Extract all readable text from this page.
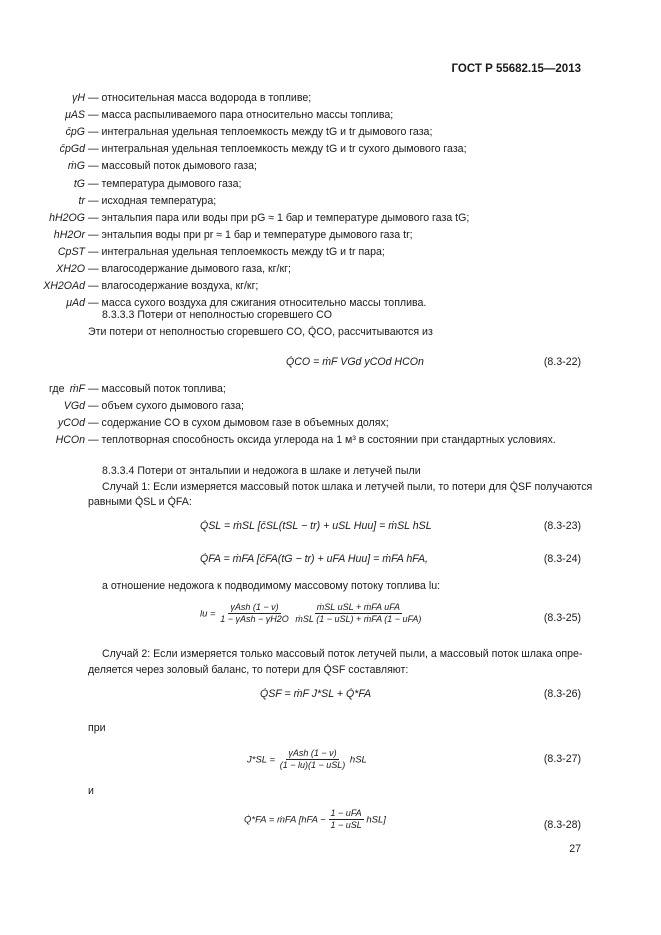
ГОСТ Р 55682.15—2013
γH — относительная масса водорода в топливе;
μAS — масса распыливаемого пара относительно массы топлива;
c̄pG — интегральная удельная теплоемкость между tG и tr дымового газа;
c̄pGd — интегральная удельная теплоемкость между tG и tr сухого дымового газа;
ṁG — массовый поток дымового газа;
tG — температура дымового газа;
tr — исходная температура;
hH2OG — энтальпия пара или воды при pG ≈ 1 бар и температуре дымового газа tG;
hH2Or — энтальпия воды при pr ≈ 1 бар и температуре дымового газа tr;
CpST — интегральная удельная теплоемкость между tG и tr пара;
XH2O — влагосодержание дымового газа, кг/кг;
XH2OAd — влагосодержание воздуха, кг/кг;
μAd — масса сухого воздуха для сжигания относительно массы топлива.
8.3.3.3 Потери от неполностью сгоревшего CO
Эти потери от неполностью сгоревшего CO, Q̇CO, рассчитываются из
Q̇CO = ṁF VGd yCOd HCOn	(8.3-22)
где ṁF — массовый поток топлива;
VGd — объем сухого дымового газа;
yCOd — содержание CO в сухом дымовом газе в объемных долях;
HCOn — теплотворная способность оксида углерода на 1 м³ в состоянии при стандартных условиях.
8.3.3.4 Потери от энтальпии и недожога в шлаке и летучей пыли
Случай 1: Если измеряется массовый поток шлака и летучей пыли, то потери для Q̇SF получаются
равными Q̇SL и Q̇FA:
Q̇SL = ṁSL [c̄SL(tSL − tr) + uSL Huu] = ṁSL hSL	(8.3-23)
Q̇FA = ṁFA [c̄FA(tG − tr) + uFA Huu] = ṁFA hFA,	(8.3-24)
а отношение недожога к подводимому массовому потоку топлива lu:
lu = $\frac{\text{γAsh (1 − ν)}}{\text{1 − γAsh − γH2O}}$
$\frac{\text{ṁSL uSL + ṁFA uFA}}{\text{ṁSL (1 − uSL) + ṁFA (1 − uFA)}}$	(8.3-25)
Случай 2: Если измеряется только массовый поток летучей пыли, а массовый поток шлака опре-
деляется через золовый баланс, то потери для Q̇SF составляют:
Q̇SF = ṁF J*SL + Q̇*FA	(8.3-26)
при
$J*SL = \frac{\text{γAsh (1 − ν)}}{\text{(1 − lu)(1 − uSL)}}$ hSL	(8.3-27)
и
Q̇*FA = ṁFA $[hFA - \frac{\text{1 − uFA}}{\text{1 − uSL}} hSL]$	(8.3-28)
27
